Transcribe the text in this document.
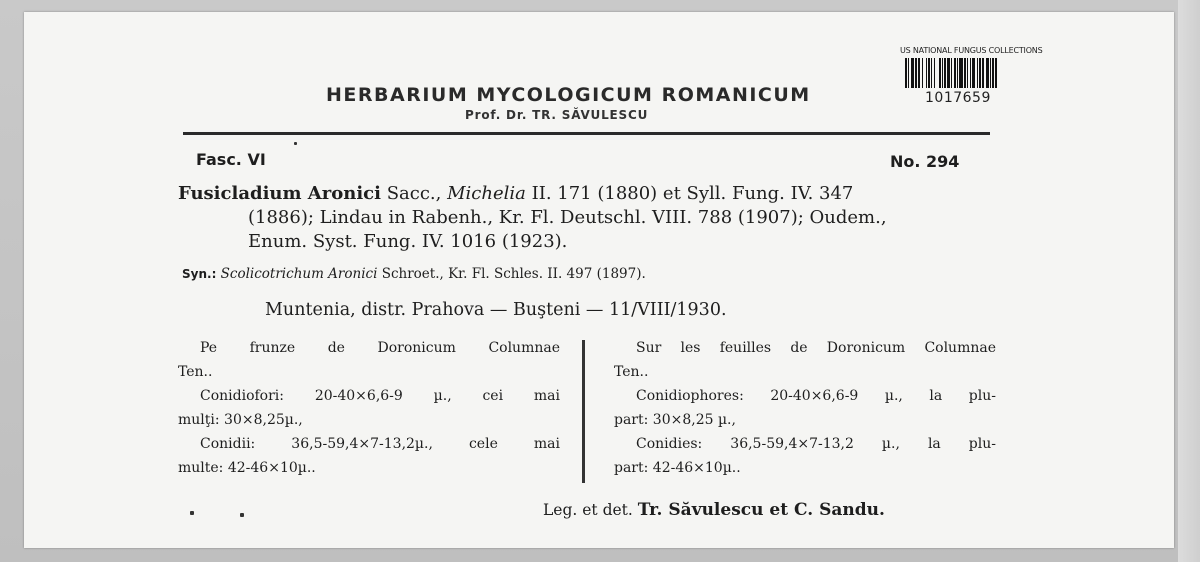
US NATIONAL FUNGUS COLLECTIONS
1017659
HERBARIUM MYCOLOGICUM ROMANICUM
Prof. Dr. TR. SĂVULESCU
Fasc. VI	No. 294
Fusicladium Aronici Sacc., Michelia II. 171 (1880) et Syll. Fung. IV. 347
(1886); Lindau in Rabenh., Kr. Fl. Deutschl. VIII. 788 (1907); Oudem.,
Enum. Syst. Fung. IV. 1016 (1923).
Syn.: Scolicotrichum Aronici Schroet., Kr. Fl. Schles. II. 497 (1897).
Muntenia, distr. Prahova — Buşteni — 11/VIII/1930.
Pe frunze de Doronicum Columnae
Ten..
Conidiofori: 20-40×6,6-9 µ., cei mai
mulţi: 30×8,25µ.,
Conidii: 36,5-59,4×7-13,2µ., cele mai
multe: 42-46×10µ..
Sur les feuilles de Doronicum Columnae
Ten..
Conidiophores: 20-40×6,6-9 µ., la plu-
part: 30×8,25 µ.,
Conidies: 36,5-59,4×7-13,2 µ., la plu-
part: 42-46×10µ..
Leg. et det. Tr. Săvulescu et C. Sandu.
